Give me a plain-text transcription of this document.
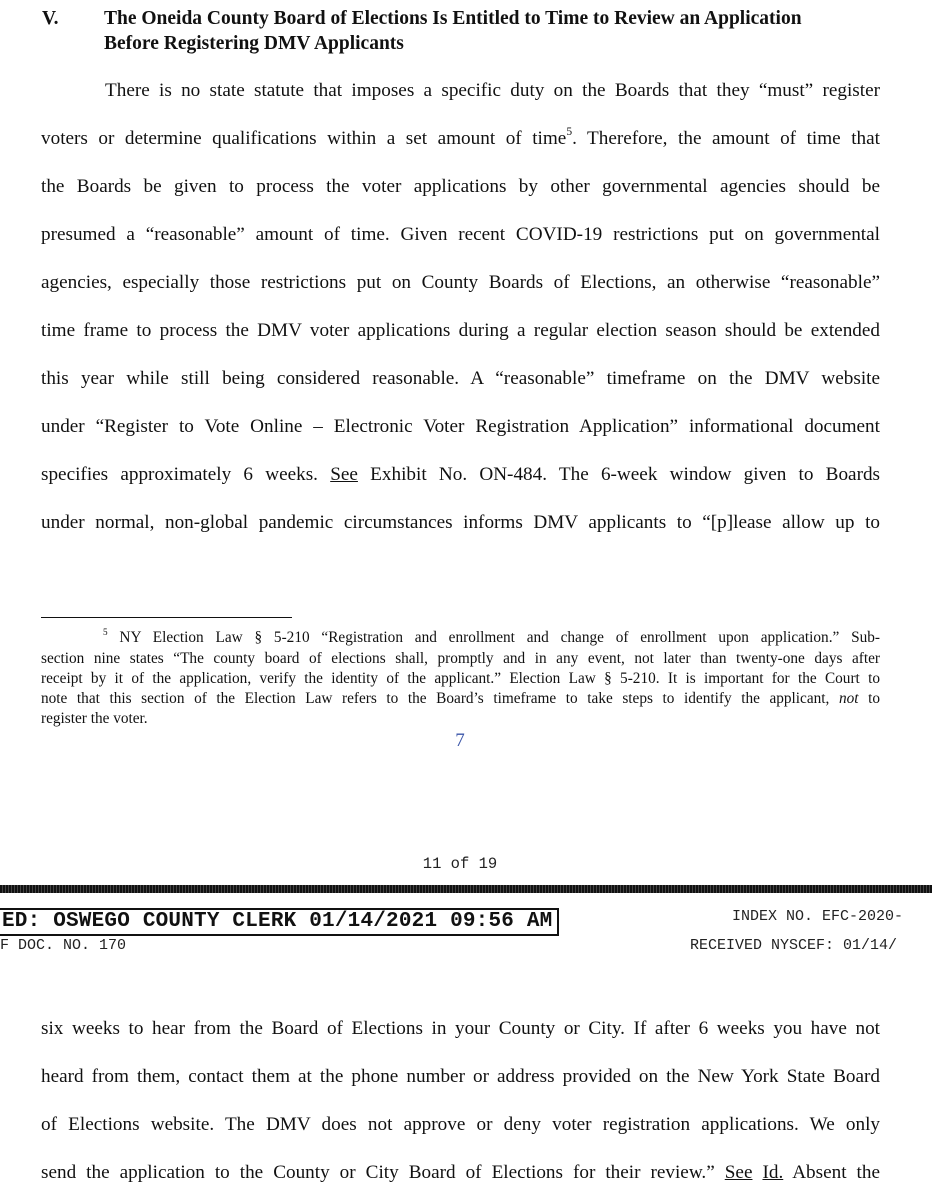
V. The Oneida County Board of Elections Is Entitled to Time to Review an Application
Before Registering DMV Applicants
There is no state statute that imposes a specific duty on the Boards that they “must” register
voters or determine qualifications within a set amount of time$^5$. Therefore, the amount of time that
the Boards be given to process the voter applications by other governmental agencies should be
presumed a “reasonable” amount of time. Given recent COVID-19 restrictions put on governmental
agencies, especially those restrictions put on County Boards of Elections, an otherwise “reasonable”
time frame to process the DMV voter applications during a regular election season should be extended
this year while still being considered reasonable. A “reasonable” timeframe on the DMV website
under “Register to Vote Online – Electronic Voter Registration Application” informational document
specifies approximately 6 weeks. See Exhibit No. ON-484. The 6-week window given to Boards
under normal, non-global pandemic circumstances informs DMV applicants to “[p]lease allow up to
$^5$ NY Election Law § 5-210 “Registration and enrollment and change of enrollment upon application.” Sub-
section nine states “The county board of elections shall, promptly and in any event, not later than twenty-one days after
receipt by it of the application, verify the identity of the applicant.” Election Law § 5-210. It is important for the Court to
note that this section of the Election Law refers to the Board’s timeframe to take steps to identify the applicant, not to
register the voter.
7
11 of 19
ED: OSWEGO COUNTY CLERK 01/14/2021 09:56 AM	INDEX NO. EFC-2020-
F DOC. NO. 170	RECEIVED NYSCEF: 01/14/
six weeks to hear from the Board of Elections in your County or City. If after 6 weeks you have not
heard from them, contact them at the phone number or address provided on the New York State Board
of Elections website. The DMV does not approve or deny voter registration applications. We only
send the application to the County or City Board of Elections for their review.” See Id. Absent the
